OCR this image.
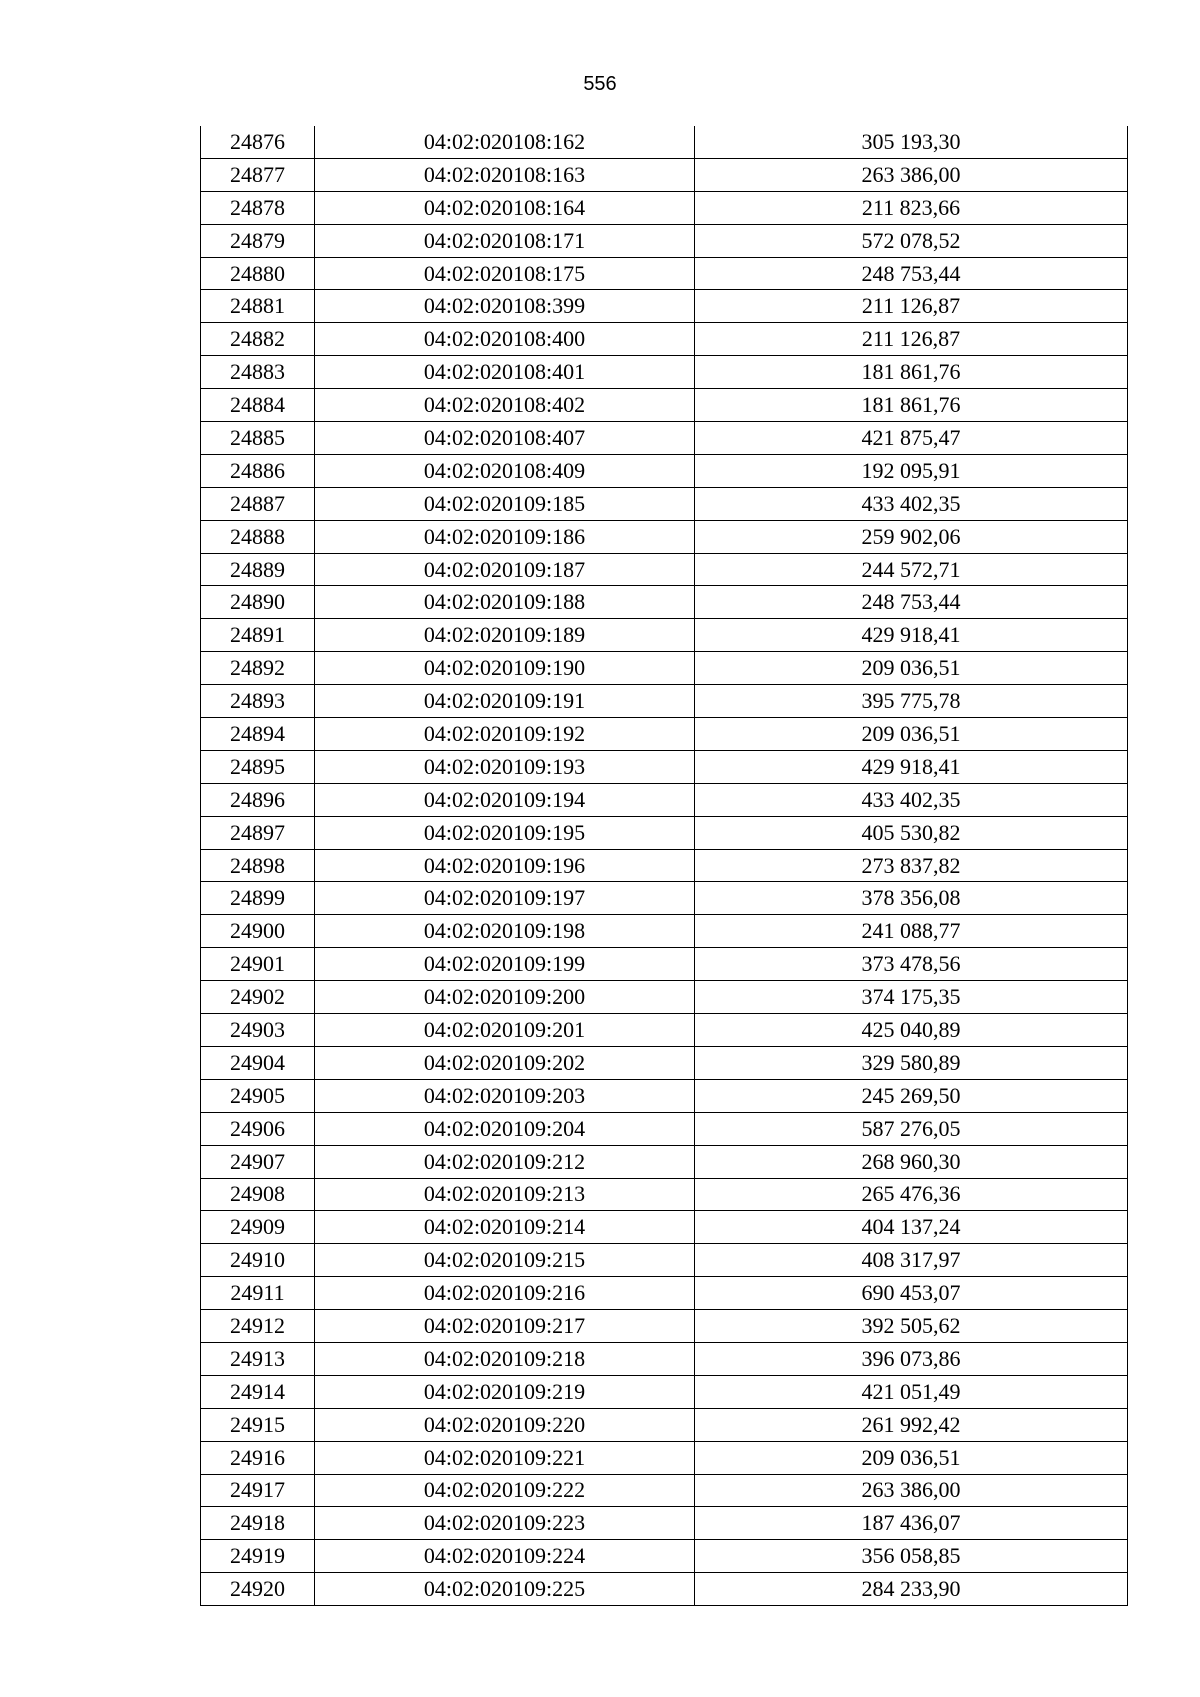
556
24876	04:02:020108:162	305 193,30
24877	04:02:020108:163	263 386,00
24878	04:02:020108:164	211 823,66
24879	04:02:020108:171	572 078,52
24880	04:02:020108:175	248 753,44
24881	04:02:020108:399	211 126,87
24882	04:02:020108:400	211 126,87
24883	04:02:020108:401	181 861,76
24884	04:02:020108:402	181 861,76
24885	04:02:020108:407	421 875,47
24886	04:02:020108:409	192 095,91
24887	04:02:020109:185	433 402,35
24888	04:02:020109:186	259 902,06
24889	04:02:020109:187	244 572,71
24890	04:02:020109:188	248 753,44
24891	04:02:020109:189	429 918,41
24892	04:02:020109:190	209 036,51
24893	04:02:020109:191	395 775,78
24894	04:02:020109:192	209 036,51
24895	04:02:020109:193	429 918,41
24896	04:02:020109:194	433 402,35
24897	04:02:020109:195	405 530,82
24898	04:02:020109:196	273 837,82
24899	04:02:020109:197	378 356,08
24900	04:02:020109:198	241 088,77
24901	04:02:020109:199	373 478,56
24902	04:02:020109:200	374 175,35
24903	04:02:020109:201	425 040,89
24904	04:02:020109:202	329 580,89
24905	04:02:020109:203	245 269,50
24906	04:02:020109:204	587 276,05
24907	04:02:020109:212	268 960,30
24908	04:02:020109:213	265 476,36
24909	04:02:020109:214	404 137,24
24910	04:02:020109:215	408 317,97
24911	04:02:020109:216	690 453,07
24912	04:02:020109:217	392 505,62
24913	04:02:020109:218	396 073,86
24914	04:02:020109:219	421 051,49
24915	04:02:020109:220	261 992,42
24916	04:02:020109:221	209 036,51
24917	04:02:020109:222	263 386,00
24918	04:02:020109:223	187 436,07
24919	04:02:020109:224	356 058,85
24920	04:02:020109:225	284 233,90
